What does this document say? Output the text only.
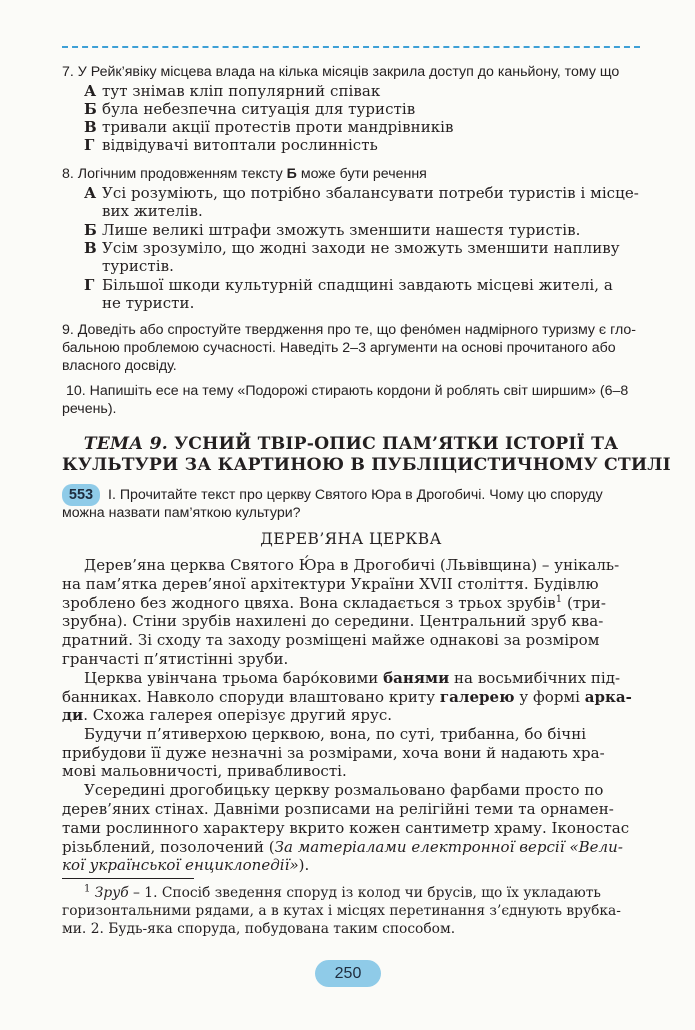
7. У Рейк’явіку місцева влада на кілька місяців закрила доступ до каньйону, тому що
А тут знімав кліп популярний співак
Б була небезпечна ситуація для туристів
В тривали акції протестів проти мандрівників
Г відвідувачі витоптали рослинність
8. Логічним продовженням тексту Б може бути речення
А Усі розуміють, що потрібно збалансувати потреби туристів і місце-
вих жителів.
Б Лише великі штрафи зможуть зменшити нашестя туристів.
В Усім зрозуміло, що жодні заходи не зможуть зменшити напливу
туристів.
Г Більшої шкоди культурній спадщині завдають місцеві жителі, а
не туристи.
9. Доведіть або спростуйте твердження про те, що фено́мен надмірного туризму є гло-
бальною проблемою сучасності. Наведіть 2–3 аргументи на основі прочитаного або
власного досвіду.
10. Напишіть есе на тему «Подорожі стирають кордони й роблять світ ширшим» (6–8
речень).
ТЕМА 9. УСНИЙ ТВІР-ОПИС ПАМ’ЯТКИ ІСТОРІЇ ТА
КУЛЬТУРИ ЗА КАРТИНОЮ В ПУБЛІЦИСТИЧНОМУ СТИЛІ
553	І. Прочитайте текст про церкву Святого Юра в Дрогобичі. Чому цю споруду
можна назвати пам’яткою культури?
ДЕРЕВ’ЯНА ЦЕРКВА
Дерев’яна церква Святого Ю́ра в Дрогобичі (Львівщина) – унікаль-
на пам’ятка дерев’яної архітектури України XVII століття. Будівлю
зроблено без жодного цвяха. Вона складається з трьох зрубів$^1$ (три-
зрубна). Стіни зрубів нахилені до середини. Центральний зруб ква-
дратний. Зі сходу та заходу розміщені майже однакові за розміром
гранчасті п’ятистінні зруби.
Церква увінчана трьома баро́ковими банями на восьмибічних під-
банниках. Навколо споруди влаштовано криту галерею у формі арка-
ди. Схожа галерея оперізує другий ярус.
Будучи п’ятиверхою церквою, вона, по суті, трибанна, бо бічні
прибудови її дуже незначні за розмірами, хоча вони й надають хра-
мові мальовничості, привабливості.
Усередині дрогобицьку церкву розмальовано фарбами просто по
дерев’яних стінах. Давніми розписами на релігійні теми та орнамен-
тами рослинного характеру вкрито кожен сантиметр храму. Іконостас
різьблений, позолочений (За матеріалами електронної версії «Вели-
кої української енциклопедії»).
$^1$ Зруб – 1. Спосіб зведення споруд із колод чи брусів, що їх укладають
горизонтальними рядами, а в кутах і місцях перетинання з’єднують врубка-
ми. 2. Будь-яка споруда, побудована таким способом.
250
